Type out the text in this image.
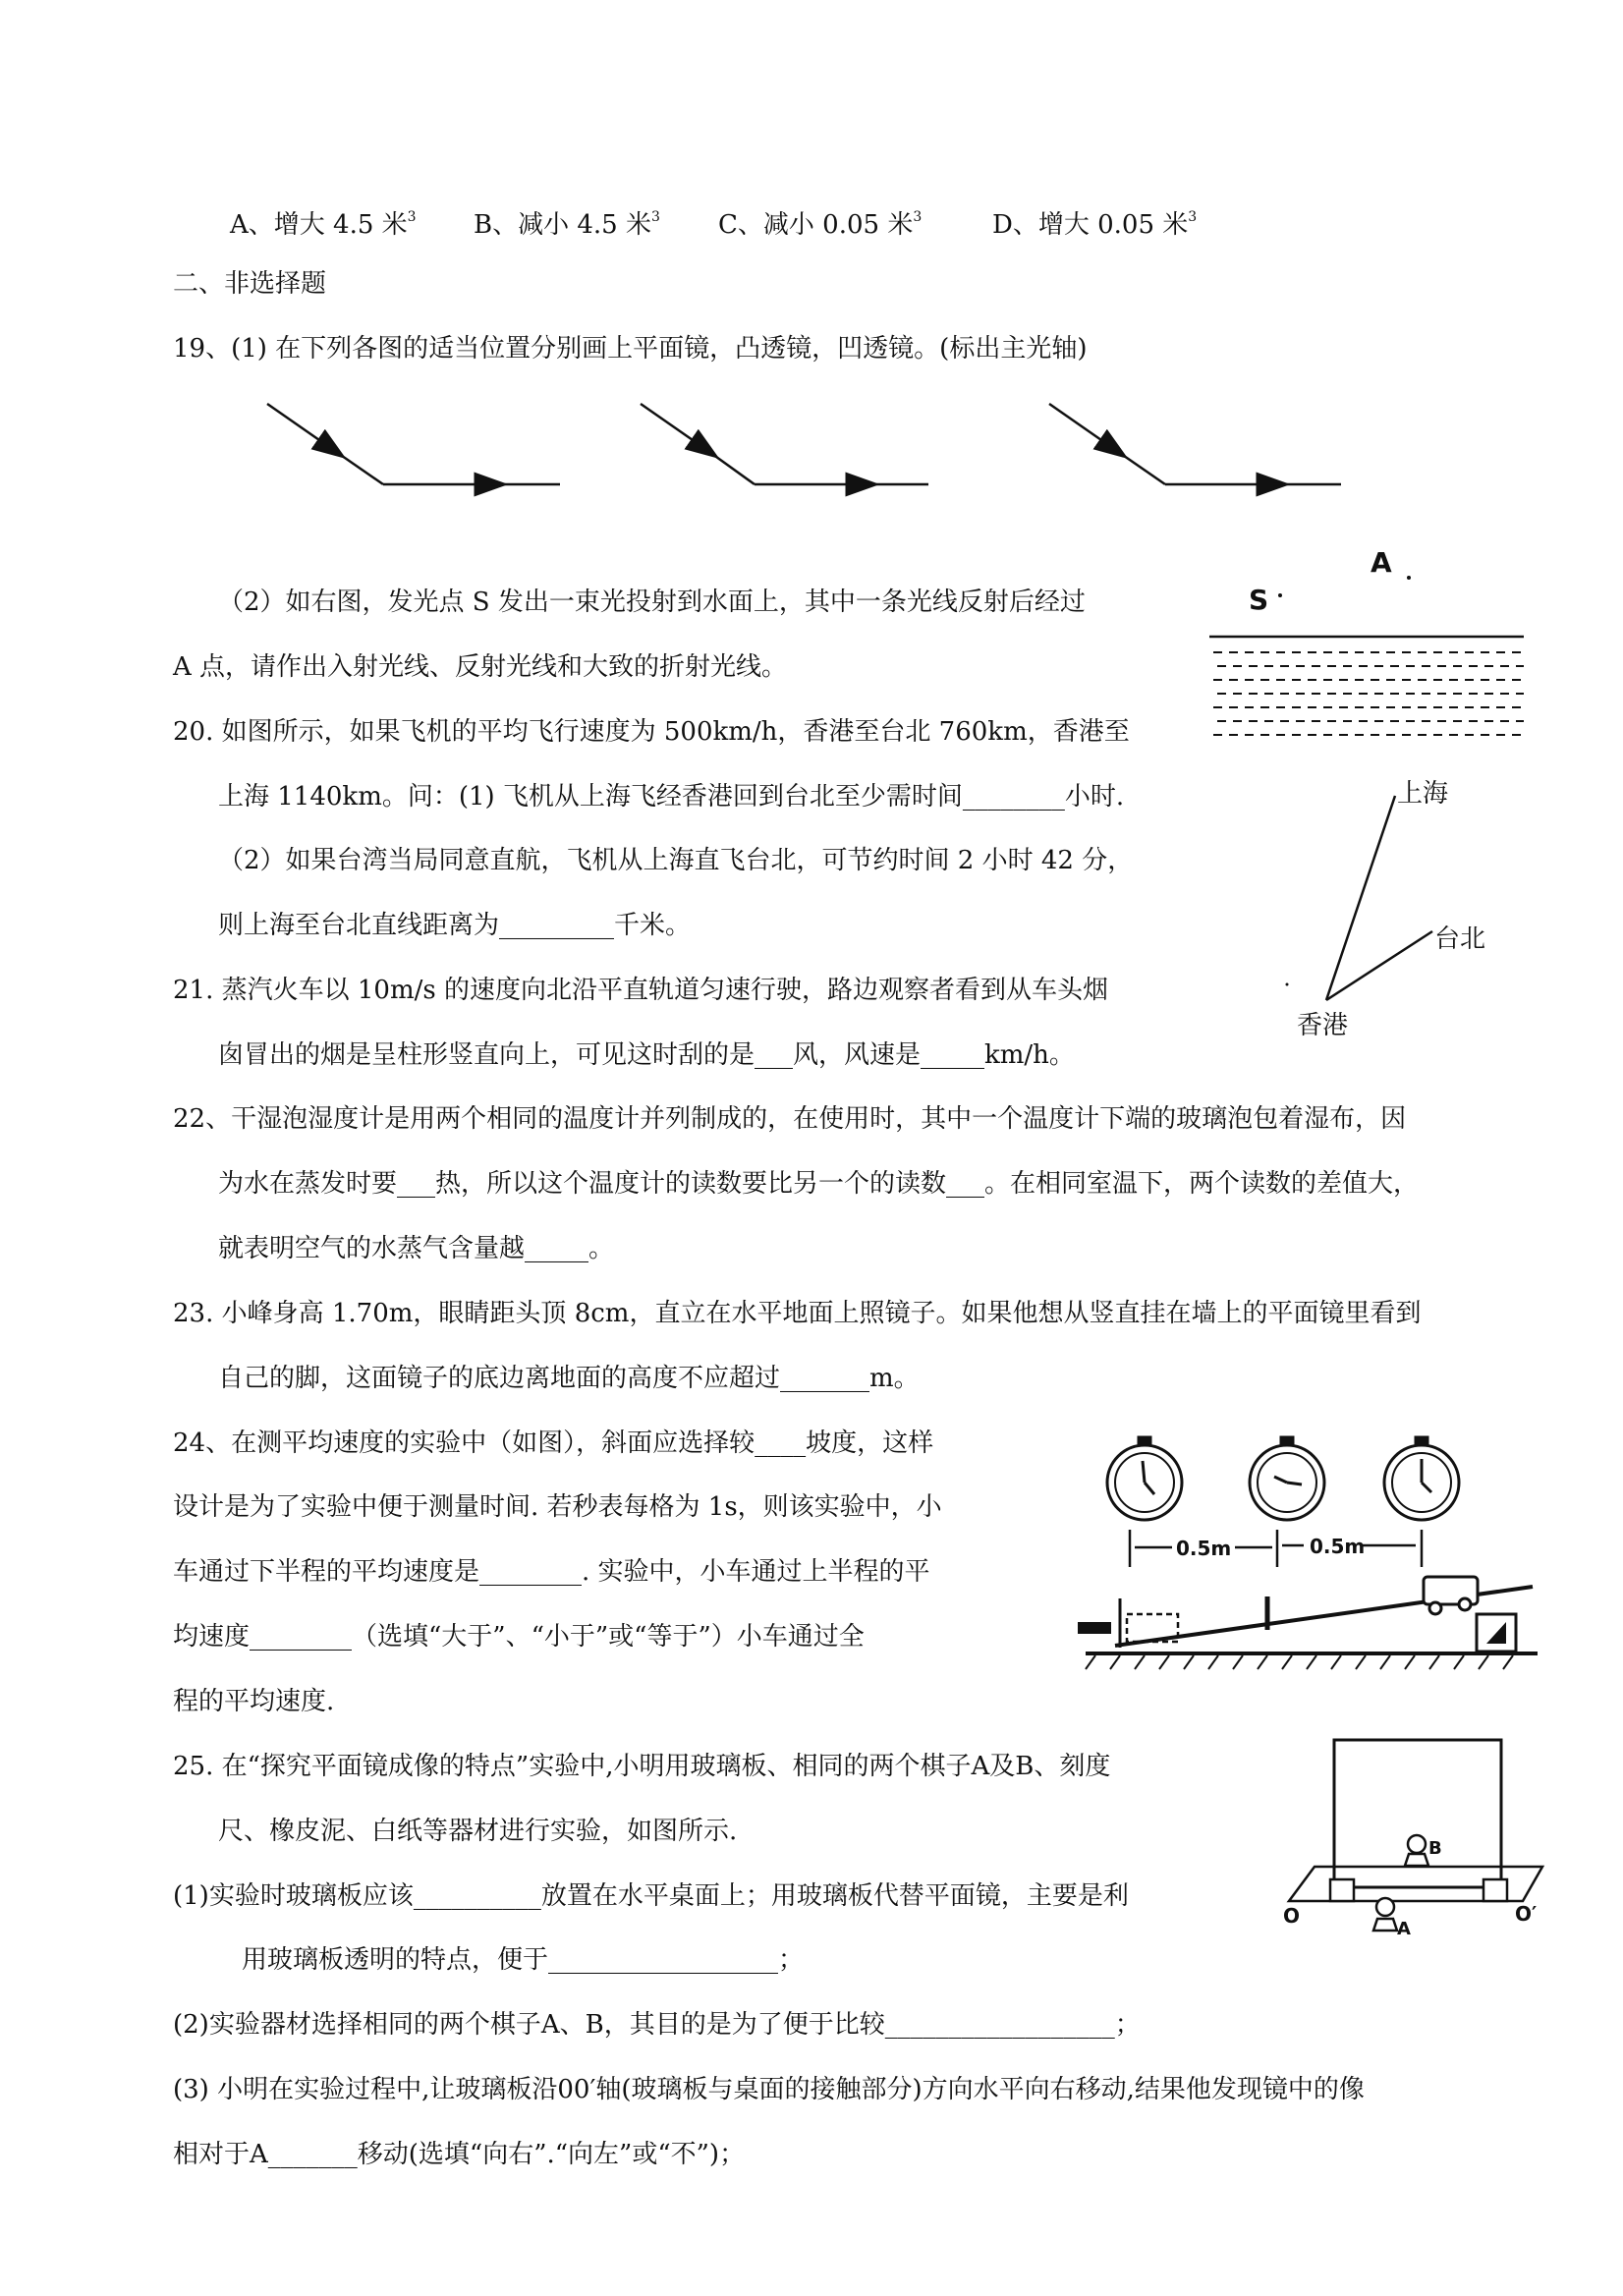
A、增大 4.5 米$^3$ B、减小 4.5 米$^3$ C、减小 0.05 米$^3$	D、增大 0.05 米$^3$
二、非选择题
19、(1) 在下列各图的适当位置分别画上平面镜，凸透镜，凹透镜。(标出主光轴)
（2）如右图，发光点 S 发出一束光投射到水面上，其中一条光线反射后经过
A 点，请作出入射光线、反射光线和大致的折射光线。
A
S
20. 如图所示，如果飞机的平均飞行速度为 500km/h，香港至台北 760km，香港至
上海 1140km。问：(1) 飞机从上海飞经香港回到台北至少需时间________小时.
（2）如果台湾当局同意直航，飞机从上海直飞台北，可节约时间 2 小时 42 分，
则上海至台北直线距离为_________千米。
上海
台北
香港
21. 蒸汽火车以 10m/s 的速度向北沿平直轨道匀速行驶，路边观察者看到从车头烟
囱冒出的烟是呈柱形竖直向上，可见这时刮的是___风，风速是_____km/h。
22、干湿泡湿度计是用两个相同的温度计并列制成的，在使用时，其中一个温度计下端的玻璃泡包着湿布，因
为水在蒸发时要___热，所以这个温度计的读数要比另一个的读数___。在相同室温下，两个读数的差值大，
就表明空气的水蒸气含量越_____。
23. 小峰身高 1.70m，眼睛距头顶 8cm，直立在水平地面上照镜子。如果他想从竖直挂在墙上的平面镜里看到
自己的脚，这面镜子的底边离地面的高度不应超过_______m。
24、在测平均速度的实验中（如图），斜面应选择较____坡度，这样
设计是为了实验中便于测量时间. 若秒表每格为 1s，则该实验中，小
车通过下半程的平均速度是________. 实验中，小车通过上半程的平
均速度________（选填“大于”、“小于”或“等于”）小车通过全
程的平均速度.
0.5m	0.5m
25. 在“探究平面镜成像的特点”实验中,小明用玻璃板、相同的两个棋子A及B、刻度
尺、橡皮泥、白纸等器材进行实验，如图所示.
(1)实验时玻璃板应该__________放置在水平桌面上；用玻璃板代替平面镜，主要是利
用玻璃板透明的特点，便于__________________；
(2)实验器材选择相同的两个棋子A、B，其目的是为了便于比较__________________；
(3) 小明在实验过程中,让玻璃板沿00′轴(玻璃板与桌面的接触部分)方向水平向右移动,结果他发现镜中的像
相对于A_______移动(选填“向右”.“向左”或“不”)；
B
A
O	O′
